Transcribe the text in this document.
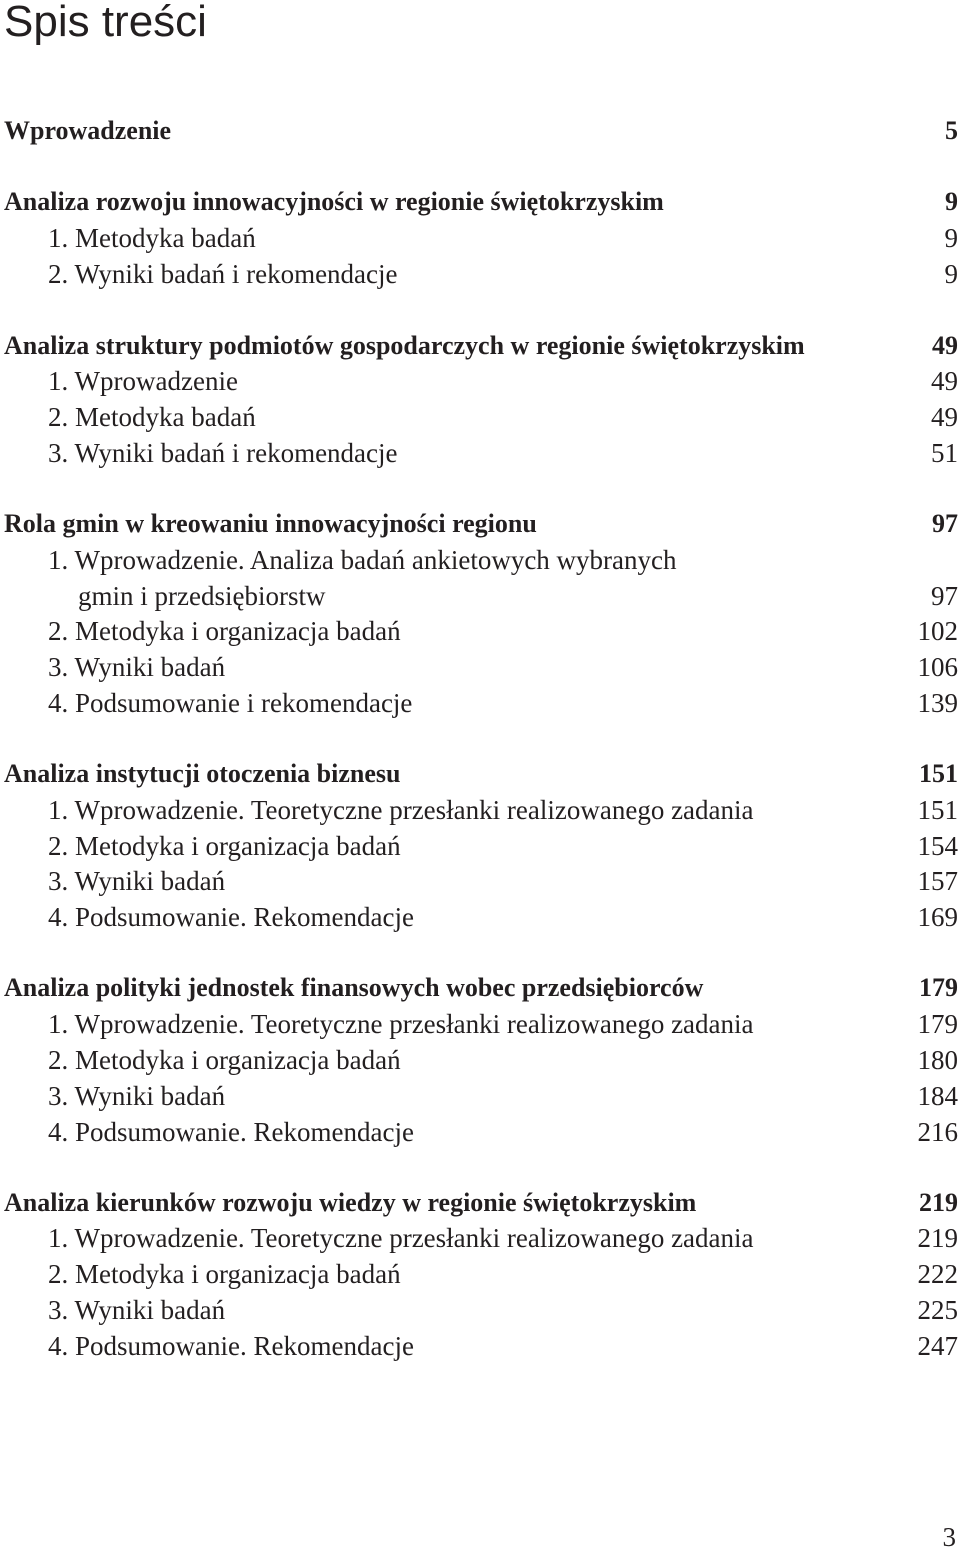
Spis treści
Wprowadzenie	5
Analiza rozwoju innowacyjności w regionie świętokrzyskim	9
1. Metodyka badań	9
2. Wyniki badań i rekomendacje	9
Analiza struktury podmiotów gospodarczych w regionie świętokrzyskim	49
1. Wprowadzenie	49
2. Metodyka badań	49
3. Wyniki badań i rekomendacje	51
Rola gmin w kreowaniu innowacyjności regionu	97
1. Wprowadzenie. Analiza badań ankietowych wybranych
gmin i przedsiębiorstw	97
2. Metodyka i organizacja badań	102
3. Wyniki badań	106
4. Podsumowanie i rekomendacje	139
Analiza instytucji otoczenia biznesu	151
1. Wprowadzenie. Teoretyczne przesłanki realizowanego zadania	151
2. Metodyka i organizacja badań	154
3. Wyniki badań	157
4. Podsumowanie. Rekomendacje	169
Analiza polityki jednostek finansowych wobec przedsiębiorców	179
1. Wprowadzenie. Teoretyczne przesłanki realizowanego zadania	179
2. Metodyka i organizacja badań	180
3. Wyniki badań	184
4. Podsumowanie. Rekomendacje	216
Analiza kierunków rozwoju wiedzy w regionie świętokrzyskim	219
1. Wprowadzenie. Teoretyczne przesłanki realizowanego zadania	219
2. Metodyka i organizacja badań	222
3. Wyniki badań	225
4. Podsumowanie. Rekomendacje	247
3
